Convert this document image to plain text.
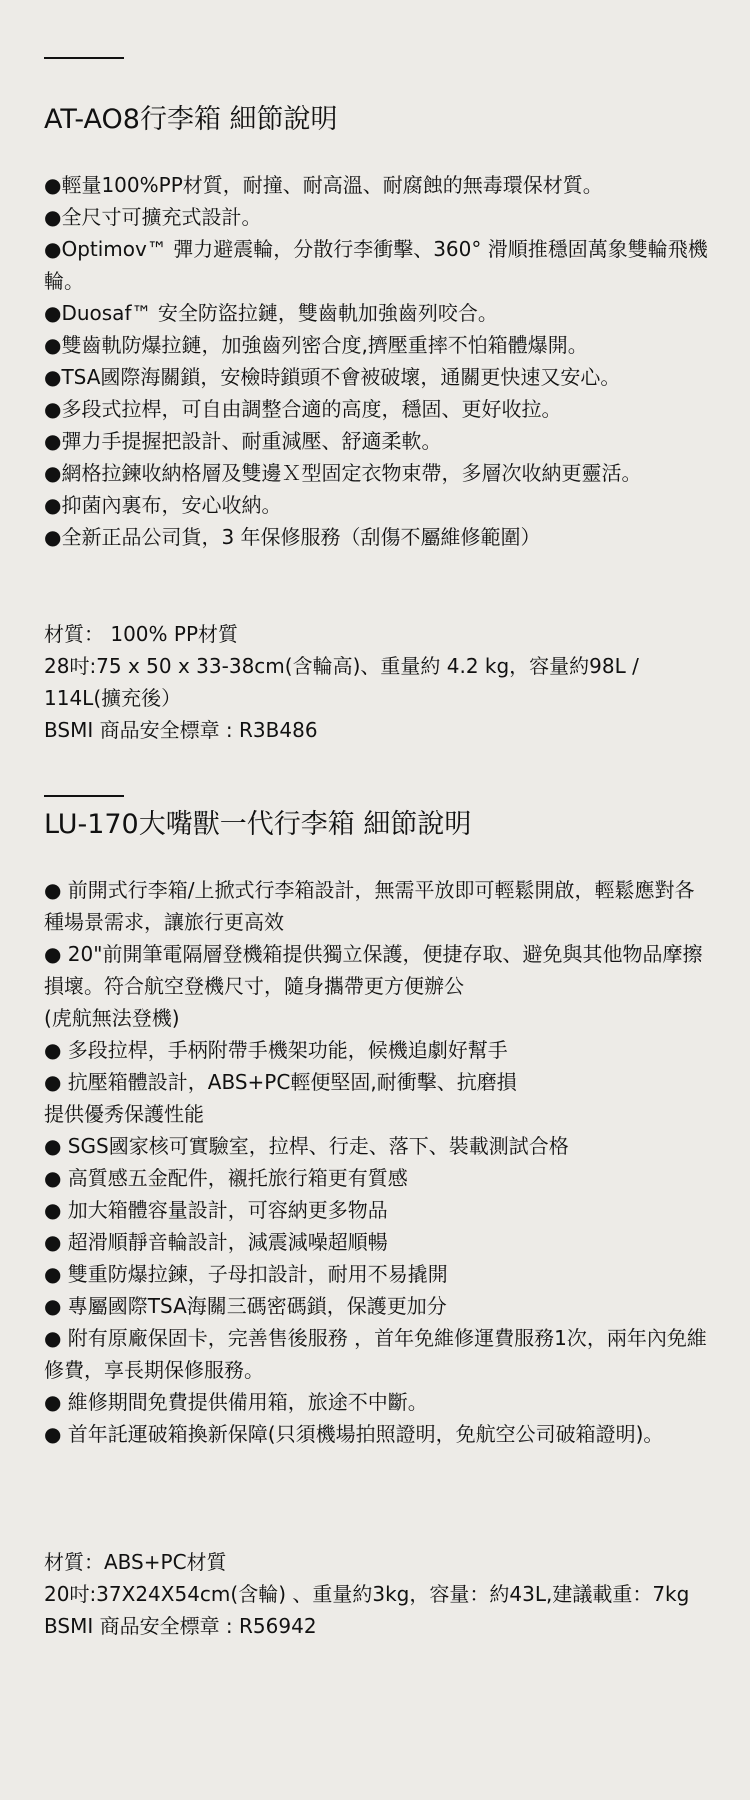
AT-AO8行李箱 細節說明
●輕量100%PP材質，耐撞、耐高溫、耐腐蝕的無毒環保材質。
●全尺寸可擴充式設計。
●Optimov™ 彈力避震輪，分散行李衝擊、360° 滑順推穩固萬象雙輪飛機輪。
●Duosaf™ 安全防盜拉鏈，雙齒軌加強齒列咬合。
●雙齒軌防爆拉鏈，加強齒列密合度,擠壓重摔不怕箱體爆開。
●TSA國際海關鎖，安檢時鎖頭不會被破壞，通關更快速又安心。
●多段式拉桿，可自由調整合適的高度，穩固、更好收拉。
●彈力手提握把設計、耐重減壓、舒適柔軟。
●網格拉鍊收納格層及雙邊Ｘ型固定衣物束帶，多層次收納更靈活。
●抑菌內裏布，安心收納。
●全新正品公司貨，3 年保修服務（刮傷不屬維修範圍）
材質： 100% PP材質
28吋:75 x 50 x 33-38cm(含輪高)、重量約 4.2 kg，容量約98L / 114L(擴充後）
BSMI 商品安全標章 : R3B486
LU-170大嘴獸一代行李箱 細節說明
● 前開式行李箱/上掀式行李箱設計，無需平放即可輕鬆開啟，輕鬆應對各種場景需求，讓旅行更高效
● 20"前開筆電隔層登機箱提供獨立保護，便捷存取、避免與其他物品摩擦損壞。符合航空登機尺寸，隨身攜帶更方便辦公
(虎航無法登機)
● 多段拉桿，手柄附帶手機架功能，候機追劇好幫手
● 抗壓箱體設計，ABS+PC輕便堅固,耐衝擊、抗磨損
提供優秀保護性能
● SGS國家核可實驗室，拉桿、行走、落下、裝載測試合格
● 高質感五金配件，襯托旅行箱更有質感
● 加大箱體容量設計，可容納更多物品
● 超滑順靜音輪設計，減震減噪超順暢
● 雙重防爆拉鍊，子母扣設計，耐用不易撬開
● 專屬國際TSA海關三碼密碼鎖，保護更加分
● 附有原廠保固卡，完善售後服務 ，首年免維修運費服務1次，兩年內免維修費，享長期保修服務。
● 維修期間免費提供備用箱，旅途不中斷。
● 首年託運破箱換新保障(只須機場拍照證明，免航空公司破箱證明)。
材質：ABS+PC材質
20吋:37X24X54cm(含輪) 、重量約3kg，容量：約43L,建議載重：7kg
BSMI 商品安全標章 : R56942
